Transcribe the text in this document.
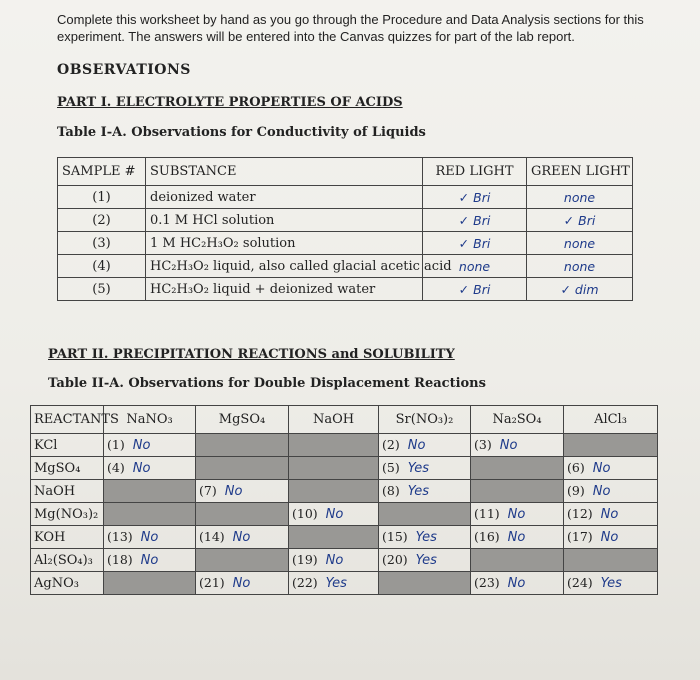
Complete this worksheet by hand as you go through the Procedure and Data Analysis sections for this experiment. The answers will be entered into the Canvas quizzes for part of the lab report.
OBSERVATIONS
PART I. ELECTROLYTE PROPERTIES OF ACIDS
Table I-A. Observations for Conductivity of Liquids
SAMPLE #	SUBSTANCE	RED LIGHT	GREEN LIGHT
(1)	deionized water	✓ Bri	none
(2)	0.1 M HCl solution	✓ Bri	✓ Bri
(3)	1 M HC₂H₃O₂ solution	✓ Bri	none
(4)	HC₂H₃O₂ liquid, also called glacial acetic acid	none	none
(5)	HC₂H₃O₂ liquid + deionized water	✓ Bri	✓ dim
PART II. PRECIPITATION REACTIONS and SOLUBILITY
Table II-A. Observations for Double Displacement Reactions
REACTANTS	NaNO₃	MgSO₄	NaOH	Sr(NO₃)₂	Na₂SO₄	AlCl₃
KCl	(1) No			(2) No	(3) No	
MgSO₄	(4) No			(5) Yes		(6) No
NaOH		(7) No		(8) Yes		(9) No
Mg(NO₃)₂			(10) No		(11) No	(12) No
KOH	(13) No	(14) No		(15) Yes	(16) No	(17) No
Al₂(SO₄)₃	(18) No		(19) No	(20) Yes		
AgNO₃		(21) No	(22) Yes		(23) No	(24) Yes
